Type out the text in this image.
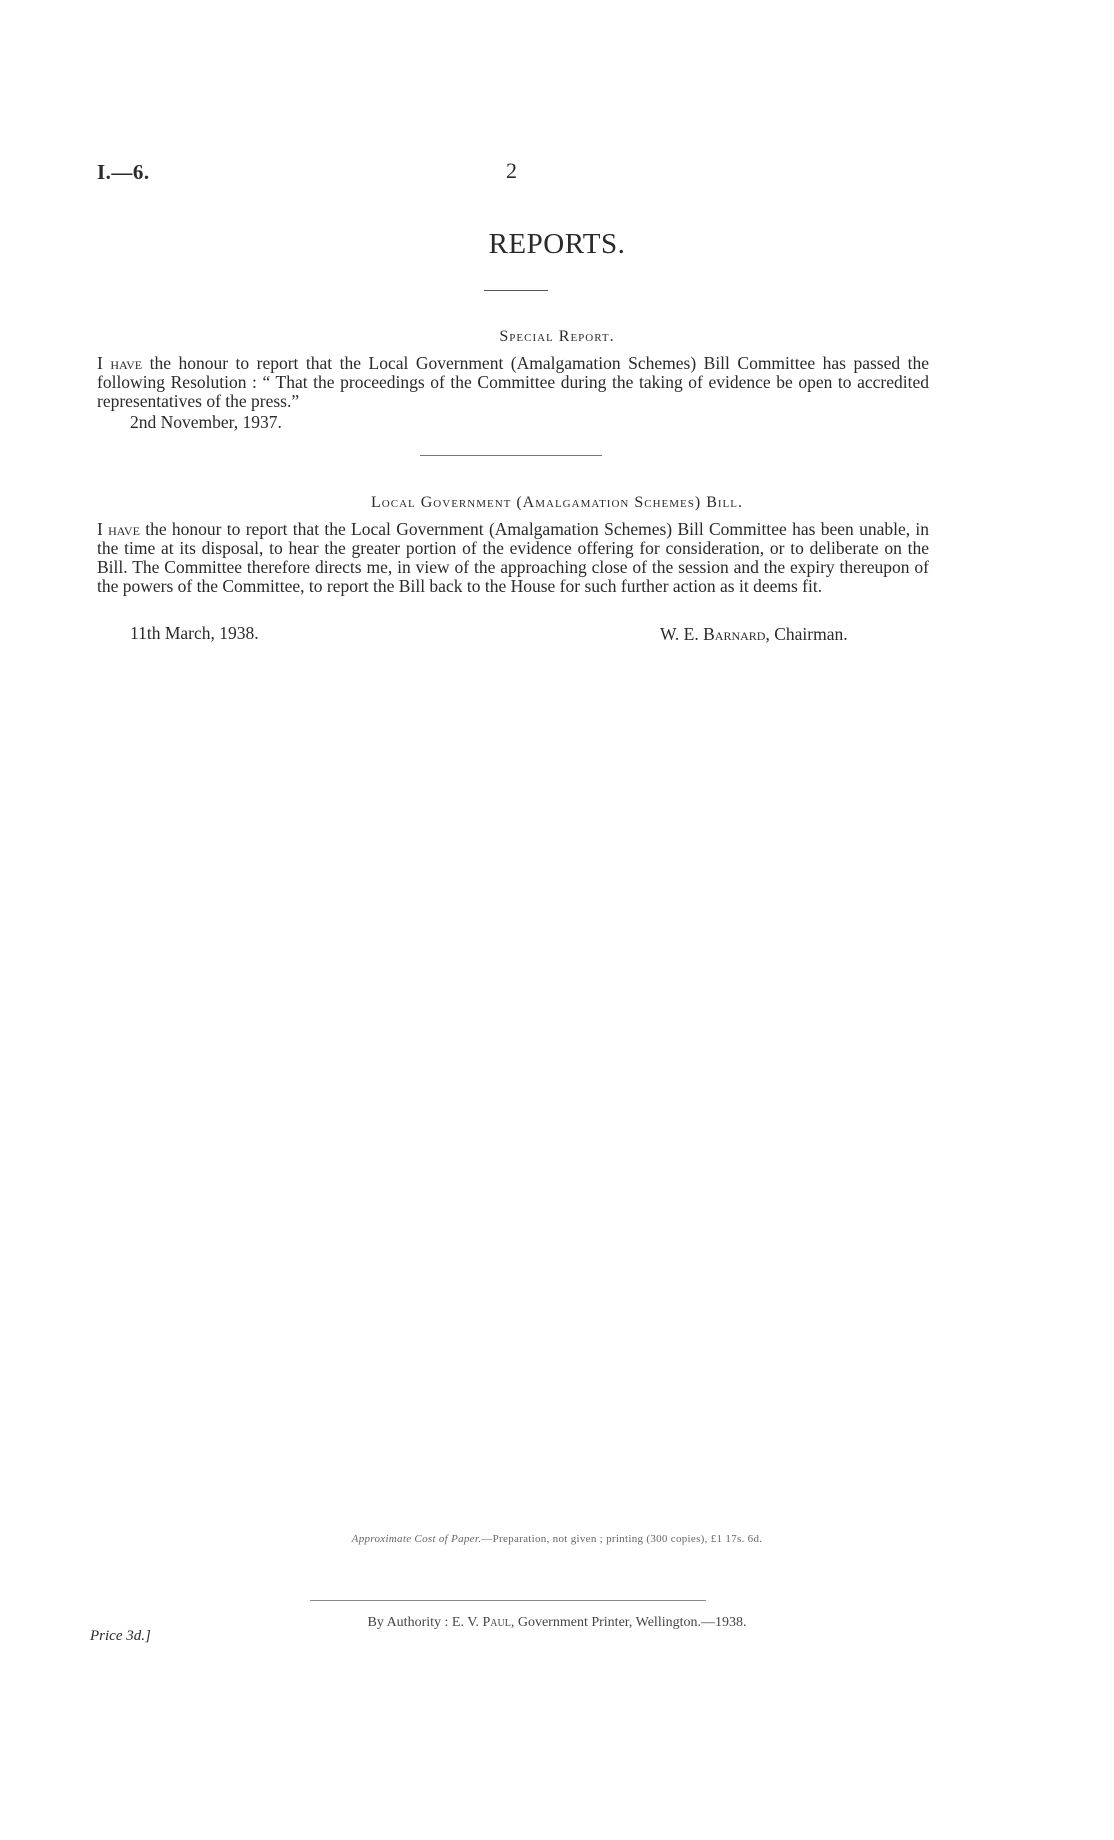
I.—6.	2
REPORTS.
Special Report.
I have the honour to report that the Local Government (Amalgamation Schemes) Bill Committee has passed the following Resolution : “ That the proceedings of the Committee during the taking of evidence be open to accredited representatives of the press.”
2nd November, 1937.
Local Government (Amalgamation Schemes) Bill.
I have the honour to report that the Local Government (Amalgamation Schemes) Bill Committee has been unable, in the time at its disposal, to hear the greater portion of the evidence offering for consideration, or to deliberate on the Bill. The Committee therefore directs me, in view of the approaching close of the session and the expiry thereupon of the powers of the Committee, to report the Bill back to the House for such further action as it deems fit.
11th March, 1938.	W. E. Barnard, Chairman.
Approximate Cost of Paper.—Preparation, not given ; printing (300 copies), £1 17s. 6d.
By Authority : E. V. Paul, Government Printer, Wellington.—1938.
Price 3d.]
